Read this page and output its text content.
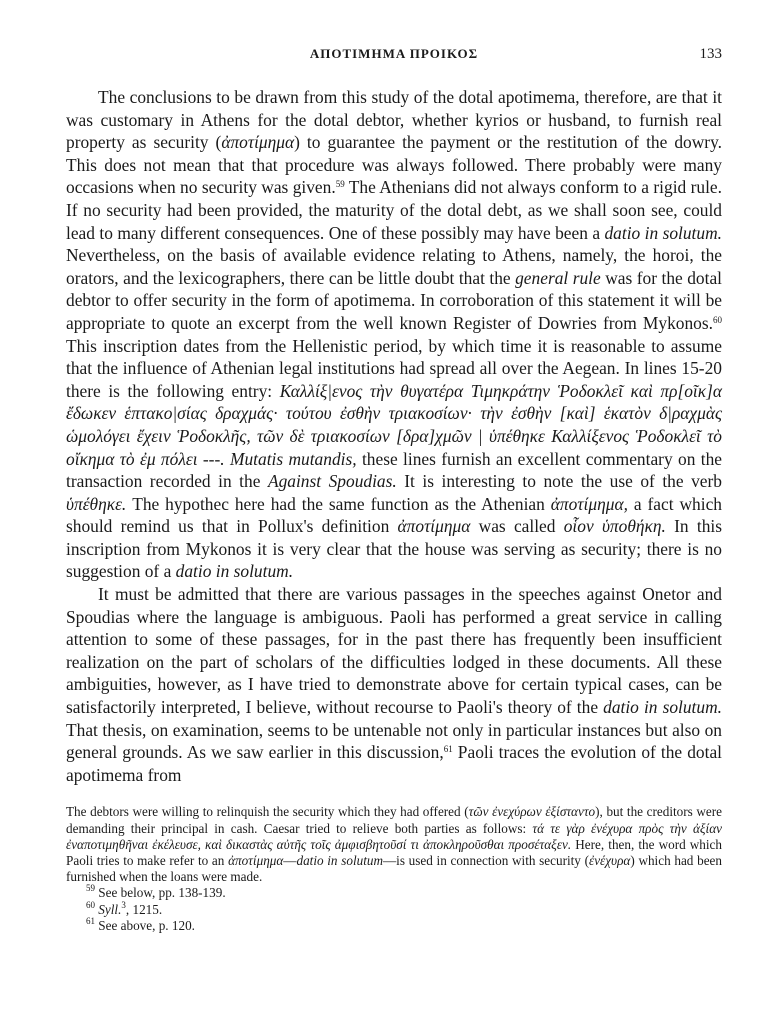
ΑΠΟΤΙΜΗΜΑ ΠΡΟΙΚΟΣ	133

The conclusions to be drawn from this study of the dotal apotimema, therefore, are that it was customary in Athens for the dotal debtor, whether kyrios or husband, to furnish real property as security (ἀποτίμημα) to guarantee the payment or the restitution of the dowry. This does not mean that that procedure was always followed. There probably were many occasions when no security was given.$^{59}$ The Athenians did not always conform to a rigid rule. If no security had been provided, the maturity of the dotal debt, as we shall soon see, could lead to many different consequences. One of these possibly may have been a datio in solutum. Nevertheless, on the basis of available evidence relating to Athens, namely, the horoi, the orators, and the lexicographers, there can be little doubt that the general rule was for the dotal debtor to offer security in the form of apotimema. In corroboration of this statement it will be appropriate to quote an excerpt from the well known Register of Dowries from Mykonos.$^{60}$ This inscription dates from the Hellenistic period, by which time it is reasonable to assume that the influence of Athenian legal institutions had spread all over the Aegean. In lines 15-20 there is the following entry: Καλλίξ|ενος τὴν θυγατέρα Τιμηκράτην Ῥοδοκλεῖ καὶ πρ[οῖκ]α ἔδωκεν ἑπτακο|σίας δραχμάς· τούτου ἐσθὴν τριακοσίων· τὴν ἐσθὴν [καὶ] ἑκατὸν δ|ραχμὰς ὡμολόγει ἔχειν Ῥοδοκλῆς, τῶν δὲ τριακοσίων [δρα]χμῶν | ὑπέθηκε Καλλίξενος Ῥοδοκλεῖ τὸ οἴκημα τὸ ἐμ πόλει ---. Mutatis mutandis, these lines furnish an excellent commentary on the transaction recorded in the Against Spoudias. It is interesting to note the use of the verb ὑπέθηκε. The hypothec here had the same function as the Athenian ἀποτίμημα, a fact which should remind us that in Pollux's definition ἀποτίμημα was called οἷον ὑποθήκη. In this inscription from Mykonos it is very clear that the house was serving as security; there is no suggestion of a datio in solutum.

It must be admitted that there are various passages in the speeches against Onetor and Spoudias where the language is ambiguous. Paoli has performed a great service in calling attention to some of these passages, for in the past there has frequently been insufficient realization on the part of scholars of the difficulties lodged in these documents. All these ambiguities, however, as I have tried to demonstrate above for certain typical cases, can be satisfactorily interpreted, I believe, without recourse to Paoli's theory of the datio in solutum. That thesis, on examination, seems to be untenable not only in particular instances but also on general grounds. As we saw earlier in this discussion,$^{61}$ Paoli traces the evolution of the dotal apotimema from

The debtors were willing to relinquish the security which they had offered (τῶν ἐνεχύρων ἐξίσταντο), but the creditors were demanding their principal in cash. Caesar tried to relieve both parties as follows: τά τε γὰρ ἐνέχυρα πρὸς τὴν ἀξίαν ἐναποτιμηθῆναι ἐκέλευσε, καὶ δικαστὰς αὐτῆς τοῖς ἀμφισβητοῦσί τι ἀποκληροῦσθαι προσέταξεν. Here, then, the word which Paoli tries to make refer to an ἀποτίμημα—datio in solutum—is used in connection with security (ἐνέχυρα) which had been furnished when the loans were made.

$^{59}$ See below, pp. 138-139.

$^{60}$ Syll.$^3$, 1215.

$^{61}$ See above, p. 120.
